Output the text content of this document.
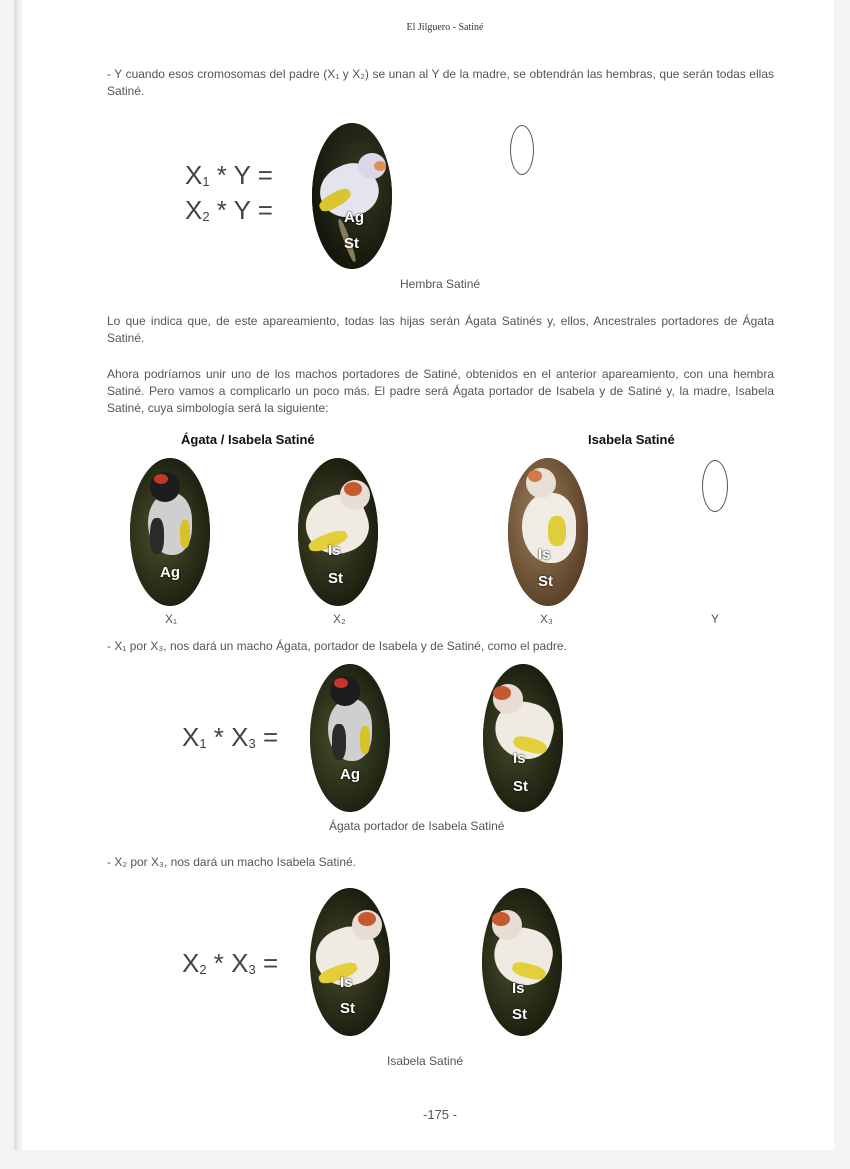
El Jilguero - Satiné

- Y cuando esos cromosomas del padre (X₁ y X₂) se unan al Y de la madre, se obtendrán las hembras, que serán todas ellas Satiné.

$X_1$ * Y =
$X_2$ * Y =	Ag
St
Hembra Satiné

Lo que indica que, de este apareamiento, todas las hijas serán Ágata Satinés y, ellos, Ancestrales portadores de Ágata Satiné.

Ahora podríamos unir uno de los machos portadores de Satiné, obtenidos en el anterior apareamiento, con una hembra Satiné. Pero vamos a complicarlo un poco más. El padre será Ágata portador de Isabela y de Satiné y, la madre, Isabela Satiné, cuya simbología será la siguiente:

Ágata / Isabela Satiné	Isabela Satiné
Ag
Is
St
Is
St
X₁	X₂	X₃	Y

- X₁ por X₃, nos dará un macho Ágata, portador de Isabela y de Satiné, como el padre.

$X_1 * X_3$ =
Ag
Is
St
Ágata portador de Isabela Satiné

- X₂ por X₃, nos dará un macho Isabela Satiné.

$X_2 * X_3$ =
Is
St
Is
St
Isabela Satiné
-175 -
